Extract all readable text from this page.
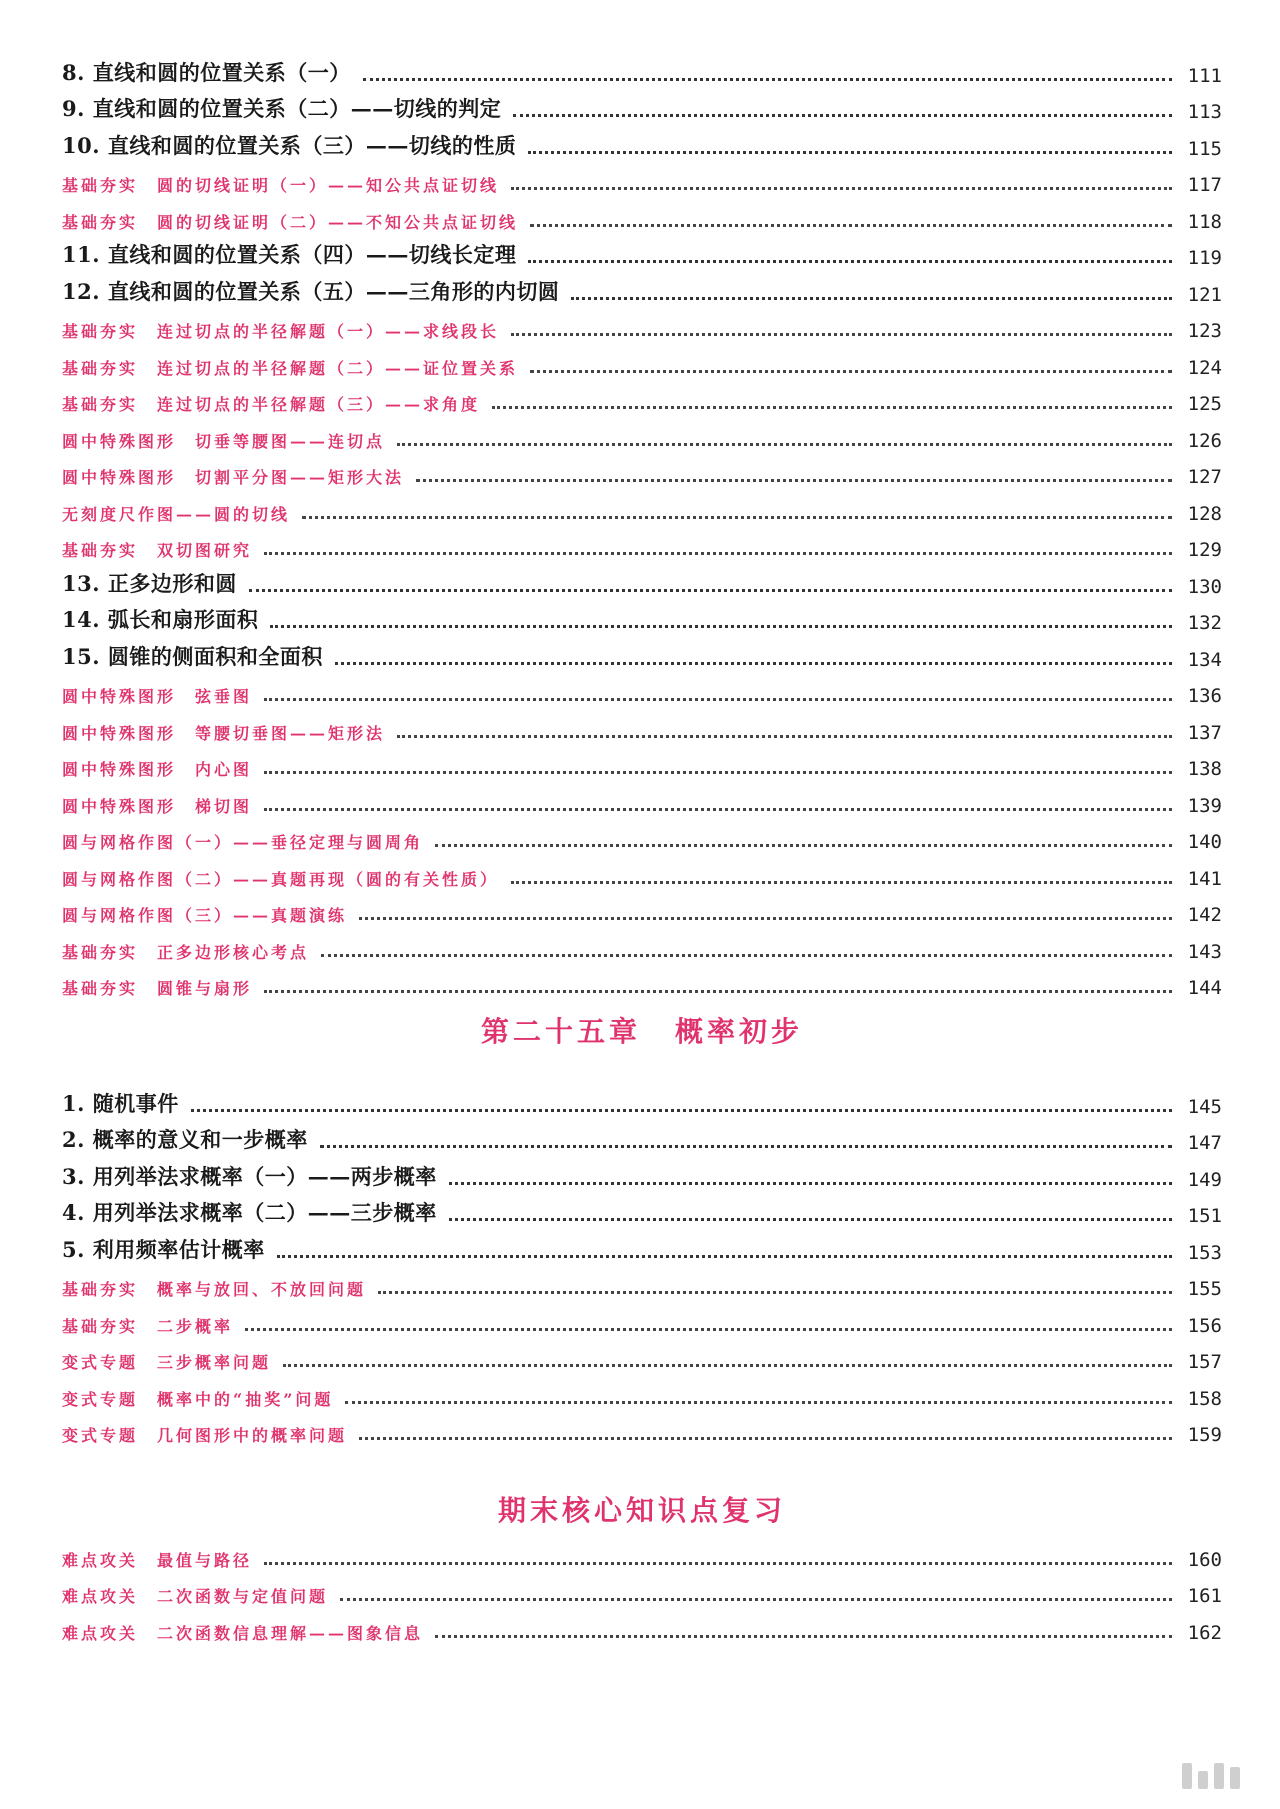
8. 直线和圆的位置关系（一）	111
9. 直线和圆的位置关系（二）——切线的判定	113
10. 直线和圆的位置关系（三）——切线的性质	115
基础夯实　圆的切线证明（一）——知公共点证切线	117
基础夯实　圆的切线证明（二）——不知公共点证切线	118
11. 直线和圆的位置关系（四）——切线长定理	119
12. 直线和圆的位置关系（五）——三角形的内切圆	121
基础夯实　连过切点的半径解题（一）——求线段长	123
基础夯实　连过切点的半径解题（二）——证位置关系	124
基础夯实　连过切点的半径解题（三）——求角度	125
圆中特殊图形　切垂等腰图——连切点	126
圆中特殊图形　切割平分图——矩形大法	127
无刻度尺作图——圆的切线	128
基础夯实　双切图研究	129
13. 正多边形和圆	130
14. 弧长和扇形面积	132
15. 圆锥的侧面积和全面积	134
圆中特殊图形　弦垂图	136
圆中特殊图形　等腰切垂图——矩形法	137
圆中特殊图形　内心图	138
圆中特殊图形　梯切图	139
圆与网格作图（一）——垂径定理与圆周角	140
圆与网格作图（二）——真题再现（圆的有关性质）	141
圆与网格作图（三）——真题演练	142
基础夯实　正多边形核心考点	143
基础夯实　圆锥与扇形	144
第二十五章 概率初步
1. 随机事件	145
2. 概率的意义和一步概率	147
3. 用列举法求概率（一）——两步概率	149
4. 用列举法求概率（二）——三步概率	151
5. 利用频率估计概率	153
基础夯实　概率与放回、不放回问题	155
基础夯实　二步概率	156
变式专题　三步概率问题	157
变式专题　概率中的“抽奖”问题	158
变式专题　几何图形中的概率问题	159
期末核心知识点复习
难点攻关　最值与路径	160
难点攻关　二次函数与定值问题	161
难点攻关　二次函数信息理解——图象信息	162
